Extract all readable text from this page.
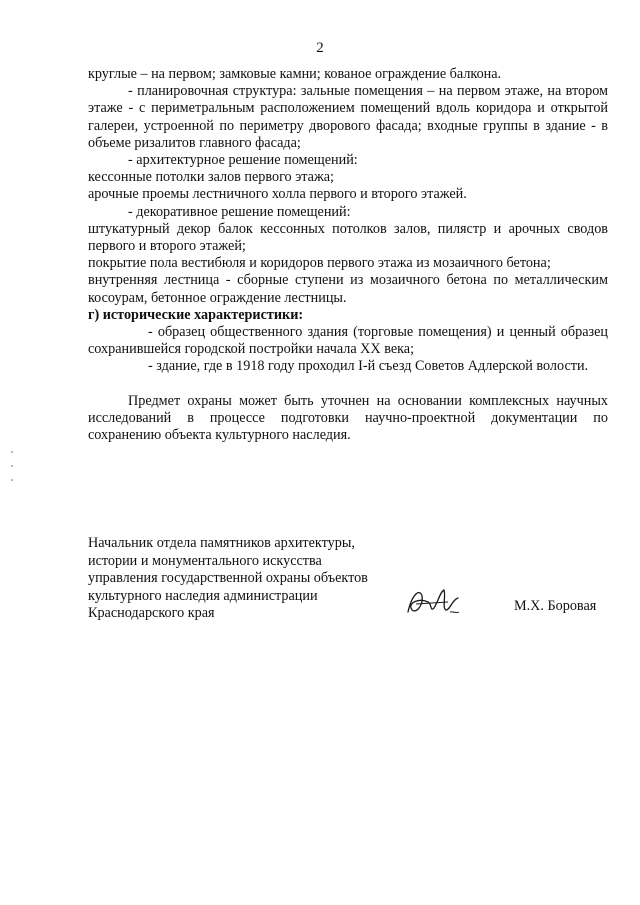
2

круглые – на первом; замковые камни; кованое ограждение балкона.

- планировочная структура: зальные помещения – на первом этаже, на втором этаже - с периметральным расположением помещений вдоль коридора и открытой галереи, устроенной по периметру дворового фасада; входные группы в здание - в объеме ризалитов главного фасада;

- архитектурное решение помещений:

кессонные потолки залов первого этажа;

арочные проемы лестничного холла первого и второго этажей.

- декоративное решение помещений:

штукатурный декор балок кессонных потолков залов, пилястр и арочных сводов первого и второго этажей;

покрытие пола вестибюля и коридоров первого этажа из мозаичного бетона;

внутренняя лестница - сборные ступени из мозаичного бетона по металлическим косоурам, бетонное ограждение лестницы.

г) исторические характеристики:

- образец общественного здания (торговые помещения) и ценный образец сохранившейся городской постройки начала XX века;

- здание, где в 1918 году проходил I-й съезд Советов Адлерской волости.

Предмет охраны может быть уточнен на основании комплексных научных исследований в процессе подготовки научно-проектной документации по сохранению объекта культурного наследия.

Начальник отдела памятников архитектуры,

истории и монументального искусства

управления государственной охраны объектов

культурного наследия администрации

Краснодарского края	М.Х. Боровая
